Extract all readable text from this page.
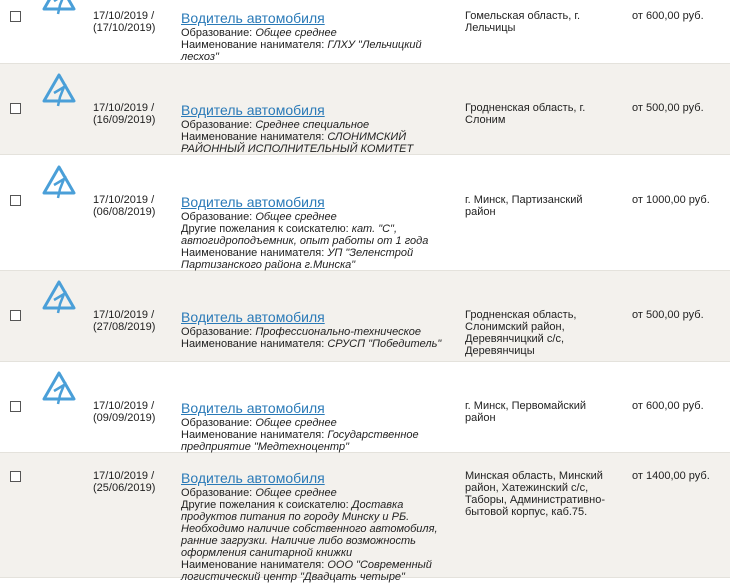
17/10/2019 /
(17/10/2019)
Водитель автомобиля
Образование: Общее среднее
Наименование нанимателя: ГЛХУ "Лельчицкий лесхоз"
Гомельская область, г. Лельчицы
от 600,00 руб.
17/10/2019 /
(16/09/2019)
Водитель автомобиля
Образование: Среднее специальное
Наименование нанимателя: СЛОНИМСКИЙ РАЙОННЫЙ ИСПОЛНИТЕЛЬНЫЙ КОМИТЕТ
Гродненская область, г. Слоним
от 500,00 руб.
17/10/2019 /
(06/08/2019)
Водитель автомобиля
Образование: Общее среднее
Другие пожелания к соискателю: кат. "С", автогидроподъемник, опыт работы от 1 года
Наименование нанимателя: УП "Зеленстрой Партизанского района г.Минска"
г. Минск, Партизанский район
от 1000,00 руб.
17/10/2019 /
(27/08/2019)
Водитель автомобиля
Образование: Профессионально-техническое
Наименование нанимателя: СРУСП "Победитель"
Гродненская область, Слонимский район, Деревянчицкий с/с, Деревянчицы
от 500,00 руб.
17/10/2019 /
(09/09/2019)
Водитель автомобиля
Образование: Общее среднее
Наименование нанимателя: Государственное предприятие "Медтехноцентр"
г. Минск, Первомайский район
от 600,00 руб.
17/10/2019 /
(25/06/2019)
Водитель автомобиля
Образование: Общее среднее
Другие пожелания к соискателю: Доставка продуктов питания по городу Минску и РБ. Необходимо наличие собственного автомобиля, ранние загрузки. Наличие либо возможность оформления санитарной книжки
Наименование нанимателя: ООО "Современный логистический центр "Двадцать четыре"
Минская область, Минский район, Хатежинский с/с, Таборы, Административно-бытовой корпус, каб.75.
от 1400,00 руб.
